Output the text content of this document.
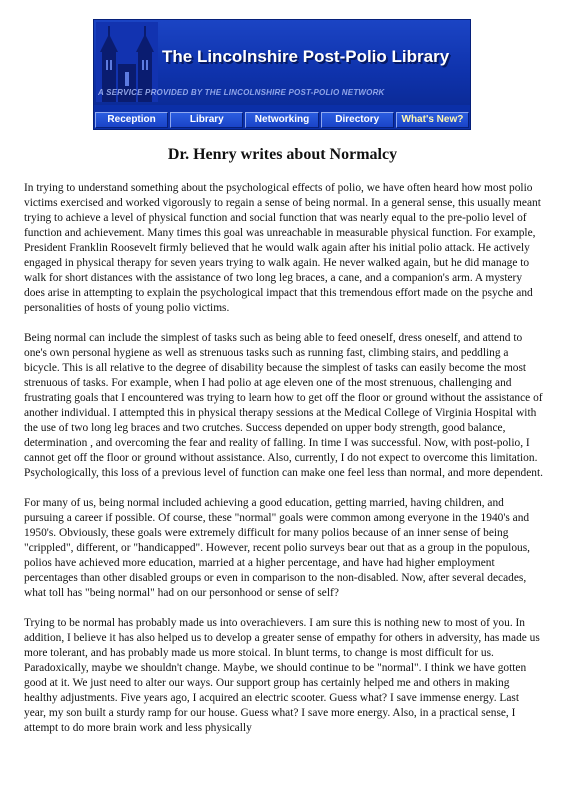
The Lincolnshire Post-Polio Library
A SERVICE PROVIDED BY THE LINCOLNSHIRE POST-POLIO NETWORK
Reception	Library	Networking	Directory	What's New?
Dr. Henry writes about Normalcy

In trying to understand something about the psychological effects of polio, we have often heard how most polio victims exercised and worked vigorously to regain a sense of being normal. In a general sense, this usually meant trying to achieve a level of physical function and social function that was nearly equal to the pre-polio level of function and achievement. Many times this goal was unreachable in measurable physical function. For example, President Franklin Roosevelt firmly believed that he would walk again after his initial polio attack. He actively engaged in physical therapy for seven years trying to walk again. He never walked again, but he did manage to walk for short distances with the assistance of two long leg braces, a cane, and a companion's arm. A mystery does arise in attempting to explain the psychological impact that this tremendous effort made on the psyche and personalities of hosts of young polio victims.

Being normal can include the simplest of tasks such as being able to feed oneself, dress oneself, and attend to one's own personal hygiene as well as strenuous tasks such as running fast, climbing stairs, and peddling a bicycle. This is all relative to the degree of disability because the simplest of tasks can easily become the most strenuous of tasks. For example, when I had polio at age eleven one of the most strenuous, challenging and frustrating goals that I encountered was trying to learn how to get off the floor or ground without the assistance of another individual. I attempted this in physical therapy sessions at the Medical College of Virginia Hospital with the use of two long leg braces and two crutches. Success depended on upper body strength, good balance, determination , and overcoming the fear and reality of falling. In time I was successful. Now, with post-polio, I cannot get off the floor or ground without assistance. Also, currently, I do not expect to overcome this limitation. Psychologically, this loss of a previous level of function can make one feel less than normal, and more dependent.

For many of us, being normal included achieving a good education, getting married, having children, and pursuing a career if possible. Of course, these "normal" goals were common among everyone in the 1940's and 1950's. Obviously, these goals were extremely difficult for many polios because of an inner sense of being "crippled", different, or "handicapped". However, recent polio surveys bear out that as a group in the populous, polios have achieved more education, married at a higher percentage, and have had higher employment percentages than other disabled groups or even in comparison to the non-disabled. Now, after several decades, what toll has "being normal" had on our personhood or sense of self?

Trying to be normal has probably made us into overachievers. I am sure this is nothing new to most of you. In addition, I believe it has also helped us to develop a greater sense of empathy for others in adversity, has made us more tolerant, and has probably made us more stoical. In blunt terms, to change is most difficult for us. Paradoxically, maybe we shouldn't change. Maybe, we should continue to be "normal". I think we have gotten good at it. We just need to alter our ways. Our support group has certainly helped me and others in making healthy adjustments. Five years ago, I acquired an electric scooter. Guess what? I save immense energy. Last year, my son built a sturdy ramp for our house. Guess what? I save more energy. Also, in a practical sense, I attempt to do more brain work and less physically
